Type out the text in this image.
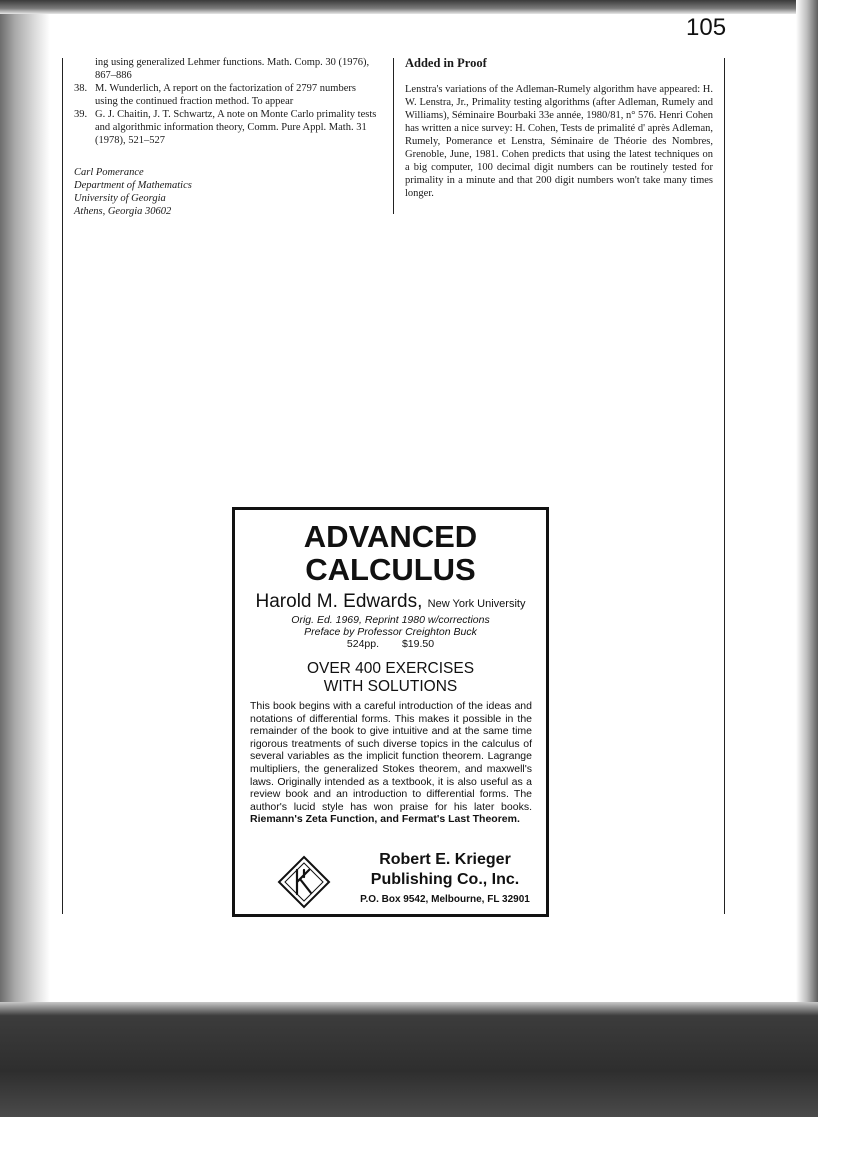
105

ing using generalized Lehmer functions. Math. Comp. 30 (1976), 867–886

38. M. Wunderlich, A report on the factorization of 2797 numbers using the continued fraction method. To appear

39. G. J. Chaitin, J. T. Schwartz, A note on Monte Carlo primality tests and algorithmic information theory, Comm. Pure Appl. Math. 31 (1978), 521–527

Carl Pomerance
Department of Mathematics
University of Georgia
Athens, Georgia 30602

Added in Proof

Lenstra's variations of the Adleman-Rumely algorithm have appeared: H. W. Lenstra, Jr., Primality testing algorithms (after Adleman, Rumely and Williams), Séminaire Bourbaki 33e année, 1980/81, n° 576. Henri Cohen has written a nice survey: H. Cohen, Tests de primalité d' après Adleman, Rumely, Pomerance et Lenstra, Séminaire de Théorie des Nombres, Grenoble, June, 1981. Cohen predicts that using the latest techniques on a big computer, 100 decimal digit numbers can be routinely tested for primality in a minute and that 200 digit numbers won't take many times longer.

ADVANCED
CALCULUS
Harold M. Edwards, New York University
Orig. Ed. 1969, Reprint 1980 w/corrections
Preface by Professor Creighton Buck
524pp. $19.50
OVER 400 EXERCISES
WITH SOLUTIONS
This book begins with a careful introduction of the ideas and notations of differential forms. This makes it possible in the remainder of the book to give intuitive and at the same time rigorous treatments of such diverse topics in the calculus of several variables as the implicit function theorem. Lagrange multipliers, the generalized Stokes theorem, and maxwell's laws. Originally intended as a textbook, it is also useful as a review book and an introduction to differential forms. The author's lucid style has won praise for his later books. Riemann's Zeta Function, and Fermat's Last Theorem.
Robert E. Krieger
Publishing Co., Inc.
P.O. Box 9542, Melbourne, FL 32901
